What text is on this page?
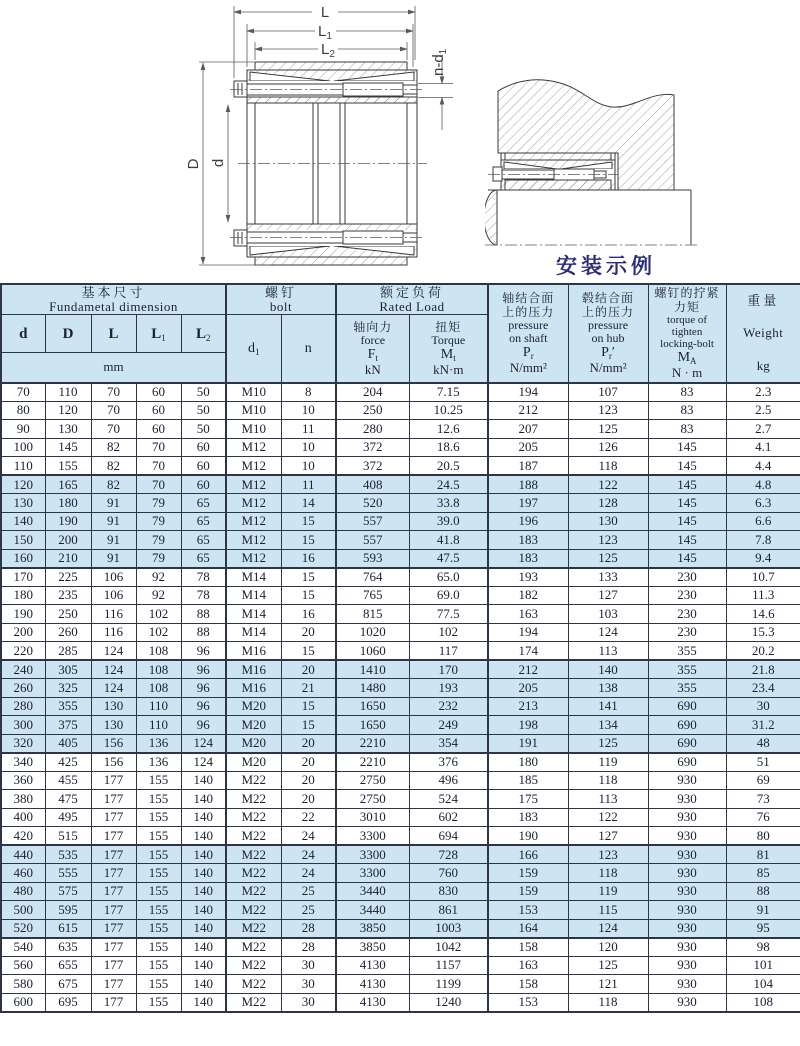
L
$L_1$
$L_2$
d
D
$n-d_1$
安装示例
基本尺寸
Fundametal dimension

螺钉
bolt

额定负荷
Rated Load

轴结合面
上的压力
pressure
on shaft
$P_r$
N/mm²

毂结合面
上的压力
pressure
on hub
$P_r'$
N/mm²

螺钉的拧紧
力矩
torque of
tighten
locking-bolt
$M_A$
N · m

重量
Weight
kg

d	D	L	L1	L2	d1	n	
轴向力
force
$F_t$
kN

扭矩
Torque
$M_t$
kN·m

mm												
70	110	70	60	50	M10	8	204	7.15	194	107	83	2.3
80	120	70	60	50	M10	10	250	10.25	212	123	83	2.5
90	130	70	60	50	M10	11	280	12.6	207	125	83	2.7
100	145	82	70	60	M12	10	372	18.6	205	126	145	4.1
110	155	82	70	60	M12	10	372	20.5	187	118	145	4.4
120	165	82	70	60	M12	11	408	24.5	188	122	145	4.8
130	180	91	79	65	M12	14	520	33.8	197	128	145	6.3
140	190	91	79	65	M12	15	557	39.0	196	130	145	6.6
150	200	91	79	65	M12	15	557	41.8	183	123	145	7.8
160	210	91	79	65	M12	16	593	47.5	183	125	145	9.4
170	225	106	92	78	M14	15	764	65.0	193	133	230	10.7
180	235	106	92	78	M14	15	765	69.0	182	127	230	11.3
190	250	116	102	88	M14	16	815	77.5	163	103	230	14.6
200	260	116	102	88	M14	20	1020	102	194	124	230	15.3
220	285	124	108	96	M16	15	1060	117	174	113	355	20.2
240	305	124	108	96	M16	20	1410	170	212	140	355	21.8
260	325	124	108	96	M16	21	1480	193	205	138	355	23.4
280	355	130	110	96	M20	15	1650	232	213	141	690	30
300	375	130	110	96	M20	15	1650	249	198	134	690	31.2
320	405	156	136	124	M20	20	2210	354	191	125	690	48
340	425	156	136	124	M20	20	2210	376	180	119	690	51
360	455	177	155	140	M22	20	2750	496	185	118	930	69
380	475	177	155	140	M22	20	2750	524	175	113	930	73
400	495	177	155	140	M22	22	3010	602	183	122	930	76
420	515	177	155	140	M22	24	3300	694	190	127	930	80
440	535	177	155	140	M22	24	3300	728	166	123	930	81
460	555	177	155	140	M22	24	3300	760	159	118	930	85
480	575	177	155	140	M22	25	3440	830	159	119	930	88
500	595	177	155	140	M22	25	3440	861	153	115	930	91
520	615	177	155	140	M22	28	3850	1003	164	124	930	95
540	635	177	155	140	M22	28	3850	1042	158	120	930	98
560	655	177	155	140	M22	30	4130	1157	163	125	930	101
580	675	177	155	140	M22	30	4130	1199	158	121	930	104
600	695	177	155	140	M22	30	4130	1240	153	118	930	108
